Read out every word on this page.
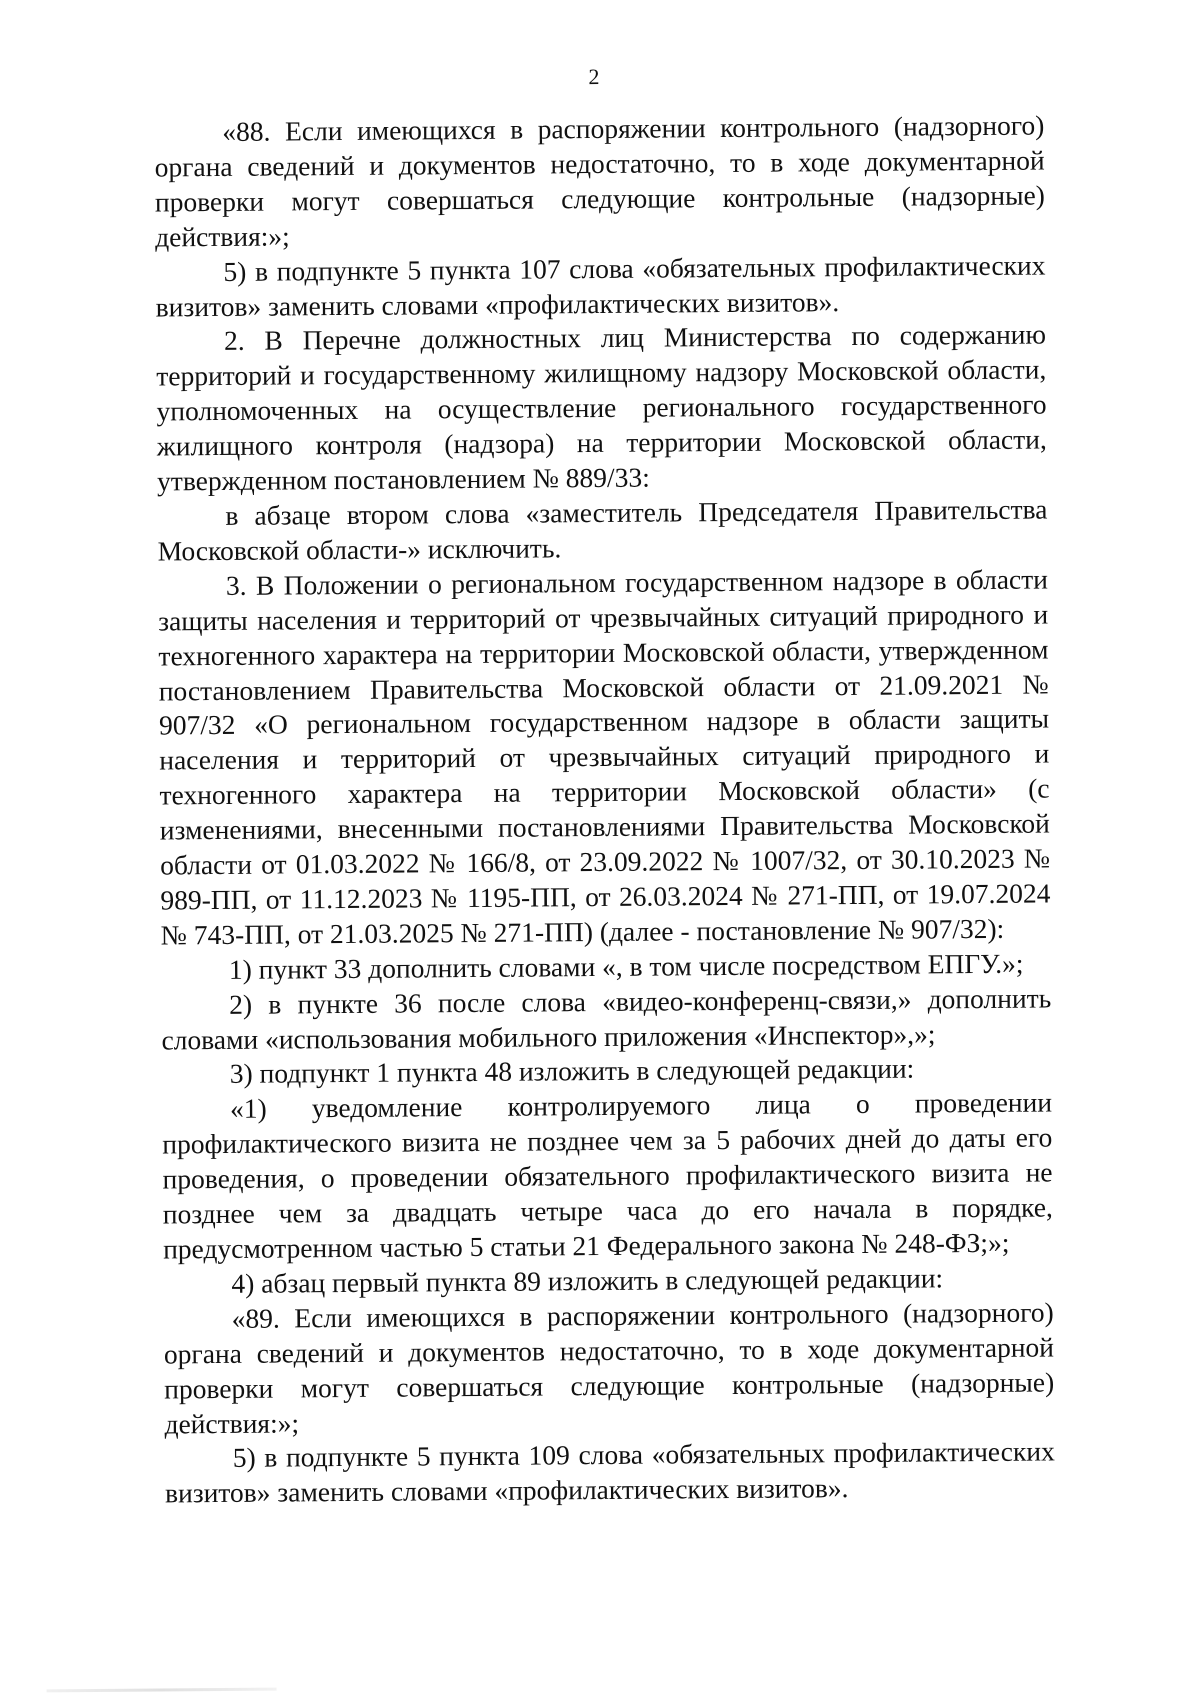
2

«88. Если имеющихся в распоряжении контрольного (надзорного) органа сведений и документов недостаточно, то в ходе документарной проверки могут совершаться следующие контрольные (надзорные) действия:»;

5) в подпункте 5 пункта 107 слова «обязательных профилактических визитов» заменить словами «профилактических визитов».

2. В Перечне должностных лиц Министерства по содержанию территорий и государственному жилищному надзору Московской области, уполномоченных на осуществление регионального государственного жилищного контроля (надзора) на территории Московской области, утвержденном постановлением № 889/33:

в абзаце втором слова «заместитель Председателя Правительства Московской области-» исключить.

3. В Положении о региональном государственном надзоре в области защиты населения и территорий от чрезвычайных ситуаций природного и техногенного характера на территории Московской области, утвержденном постановлением Правительства Московской области от 21.09.2021 № 907/32 «О региональном государственном надзоре в области защиты населения и территорий от чрезвычайных ситуаций природного и техногенного характера на территории Московской области» (с изменениями, внесенными постановлениями Правительства Московской области от 01.03.2022 № 166/8, от 23.09.2022 № 1007/32, от 30.10.2023 № 989-ПП, от 11.12.2023 № 1195-ПП, от 26.03.2024 № 271-ПП, от 19.07.2024 № 743-ПП, от 21.03.2025 № 271-ПП) (далее - постановление № 907/32):

1) пункт 33 дополнить словами «, в том числе посредством ЕПГУ.»;

2) в пункте 36 после слова «видео-конференц-связи,» дополнить словами «использования мобильного приложения «Инспектор»,»;

3) подпункт 1 пункта 48 изложить в следующей редакции:

«1) уведомление контролируемого лица о проведении профилактического визита не позднее чем за 5 рабочих дней до даты его проведения, о проведении обязательного профилактического визита не позднее чем за двадцать четыре часа до его начала в порядке, предусмотренном частью 5 статьи 21 Федерального закона № 248-ФЗ;»;

4) абзац первый пункта 89 изложить в следующей редакции:

«89. Если имеющихся в распоряжении контрольного (надзорного) органа сведений и документов недостаточно, то в ходе документарной проверки могут совершаться следующие контрольные (надзорные) действия:»;

5) в подпункте 5 пункта 109 слова «обязательных профилактических визитов» заменить словами «профилактических визитов».
